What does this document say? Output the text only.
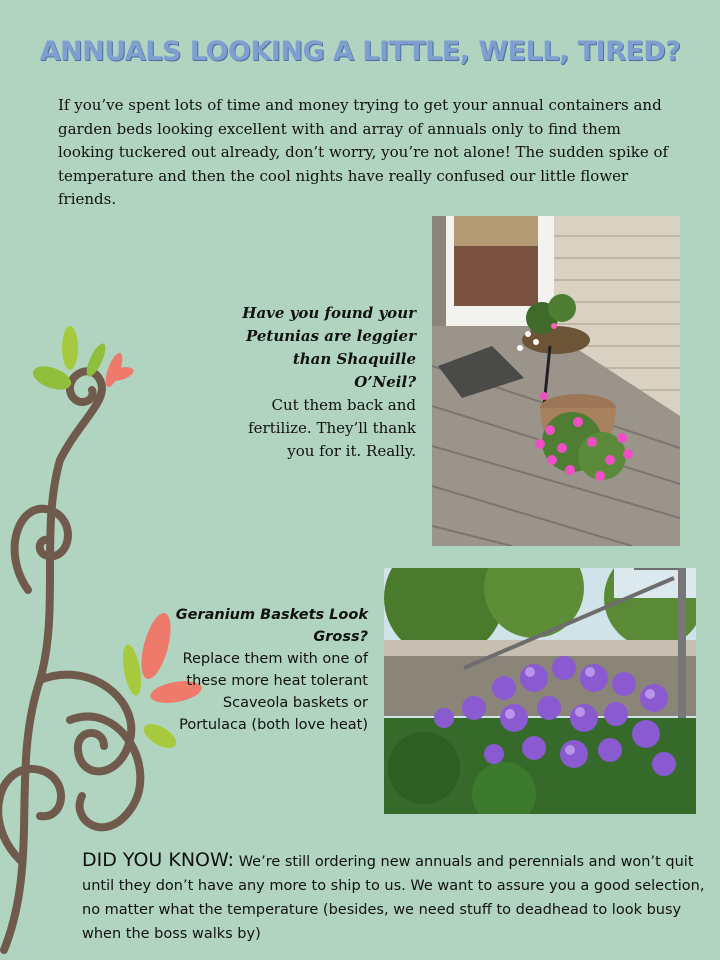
ANNUALS LOOKING A LITTLE, WELL, TIRED?
If you’ve spent lots of time and money trying to get your annual containers and garden beds looking excellent with and array of annuals only to find them looking tuckered out already, don’t worry, you’re not alone! The sudden spike of temperature and then the cool nights have really confused our little flower friends.
Have you found your Petunias are leggier than Shaquille O’Neil?
Cut them back and fertilize. They’ll thank you for it. Really.
Geranium Baskets Look Gross?
Replace them with one of these more heat tolerant Scaveola baskets or Portulaca (both love heat)
DID YOU KNOW: We’re still ordering new annuals and perennials and won’t quit until they don’t have any more to ship to us. We want to assure you a good selection, no matter what the temperature (besides, we need stuff to deadhead to look busy when the boss walks by)
